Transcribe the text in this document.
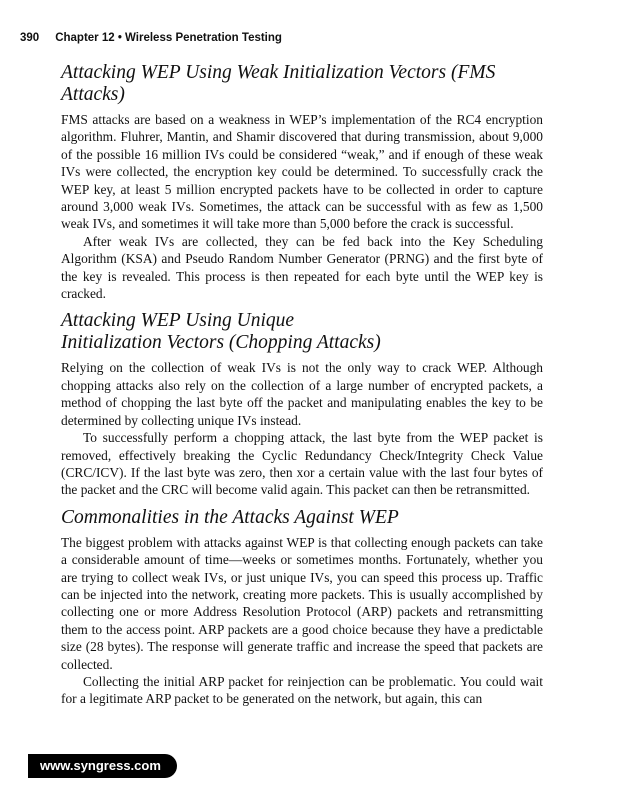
390 Chapter 12 • Wireless Penetration Testing
Attacking WEP Using Weak Initialization Vectors (FMS Attacks)

FMS attacks are based on a weakness in WEP’s implementation of the RC4 encryption algorithm. Fluhrer, Mantin, and Shamir discovered that during transmission, about 9,000 of the possible 16 million IVs could be considered “weak,” and if enough of these weak IVs were collected, the encryption key could be determined. To successfully crack the WEP key, at least 5 million encrypted packets have to be collected in order to capture around 3,000 weak IVs. Sometimes, the attack can be successful with as few as 1,500 weak IVs, and sometimes it will take more than 5,000 before the crack is successful.

After weak IVs are collected, they can be fed back into the Key Scheduling Algorithm (KSA) and Pseudo Random Number Generator (PRNG) and the first byte of the key is revealed. This process is then repeated for each byte until the WEP key is cracked.

Attacking WEP Using Unique
Initialization Vectors (Chopping Attacks)

Relying on the collection of weak IVs is not the only way to crack WEP. Although chopping attacks also rely on the collection of a large number of encrypted packets, a method of chopping the last byte off the packet and manipulating enables the key to be determined by collecting unique IVs instead.

To successfully perform a chopping attack, the last byte from the WEP packet is removed, effectively breaking the Cyclic Redundancy Check/Integrity Check Value (CRC/ICV). If the last byte was zero, then xor a certain value with the last four bytes of the packet and the CRC will become valid again. This packet can then be retransmitted.

Commonalities in the Attacks Against WEP

The biggest problem with attacks against WEP is that collecting enough packets can take a considerable amount of time—weeks or sometimes months. Fortunately, whether you are trying to collect weak IVs, or just unique IVs, you can speed this process up. Traffic can be injected into the network, creating more packets. This is usually accomplished by collecting one or more Address Resolution Protocol (ARP) packets and retransmitting them to the access point. ARP packets are a good choice because they have a predictable size (28 bytes). The response will generate traffic and increase the speed that packets are collected.

Collecting the initial ARP packet for reinjection can be problematic. You could wait for a legitimate ARP packet to be generated on the network, but again, this can

www.syngress.com
